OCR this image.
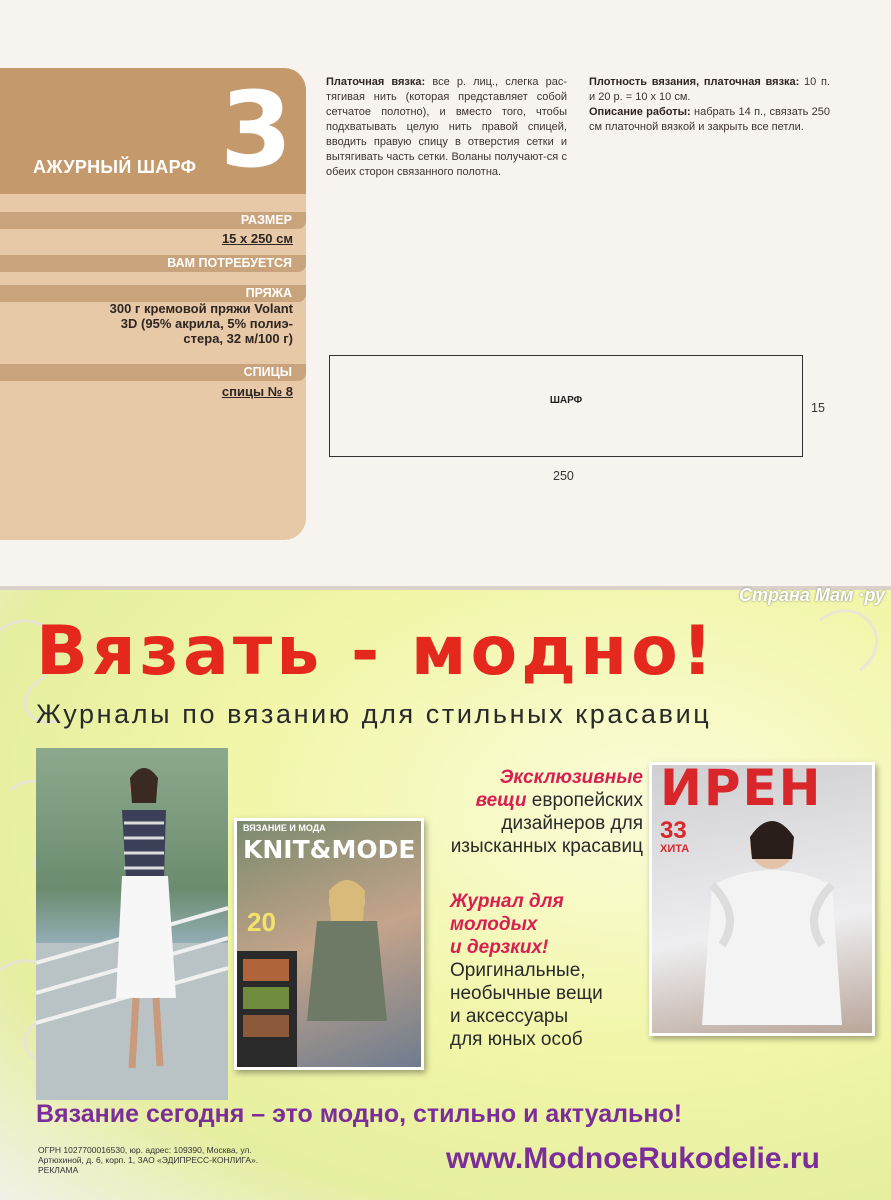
АЖУРНЫЙ ШАРФ 3
РАЗМЕР
15 х 250 см
ВАМ ПОТРЕБУЕТСЯ
ПРЯЖА
300 г кремовой пряжи Volant
3D (95% акрила, 5% полиэ-
стера, 32 м/100 г)
СПИЦЫ
спицы № 8
Платочная вязка: все р. лиц., слегка рас-тягивая нить (которая представляет собой сетчатое полотно), и вместо того, чтобы подхватывать целую нить правой спицей, вводить правую спицу в отверстия сетки и вытягивать часть сетки. Воланы получают-ся с обеих сторон связанного полотна.
Плотность вязания, платочная вязка: 10 п. и 20 р. = 10 х 10 см.
Описание работы: набрать 14 п., связать 250 см платочной вязкой и закрыть все петли.
ШАРФ
15
250
Вязать - модно!
Журналы по вязанию для стильных красавиц
ВЯЗАНИЕ И МОДА
KNIT&MODE
20
ИРЕН
33
ХИТА
Эксклюзивные
вещи европейских
дизайнеров для
изысканных красавиц
Журнал для
молодых
и дерзких!
Оригинальные,
необычные вещи
и аксессуары
для юных особ
Вязание сегодня – это модно, стильно и актуально!
ОГРН 1027700016530, юр. адрес: 109390, Москва, ул. Артюхиной, д. 6, корп. 1, ЗАО «ЭДИПРЕСС-КОНЛИГА». РЕКЛАМА	www.ModnoeRukodelie.ru
Страна Мам ·ру
